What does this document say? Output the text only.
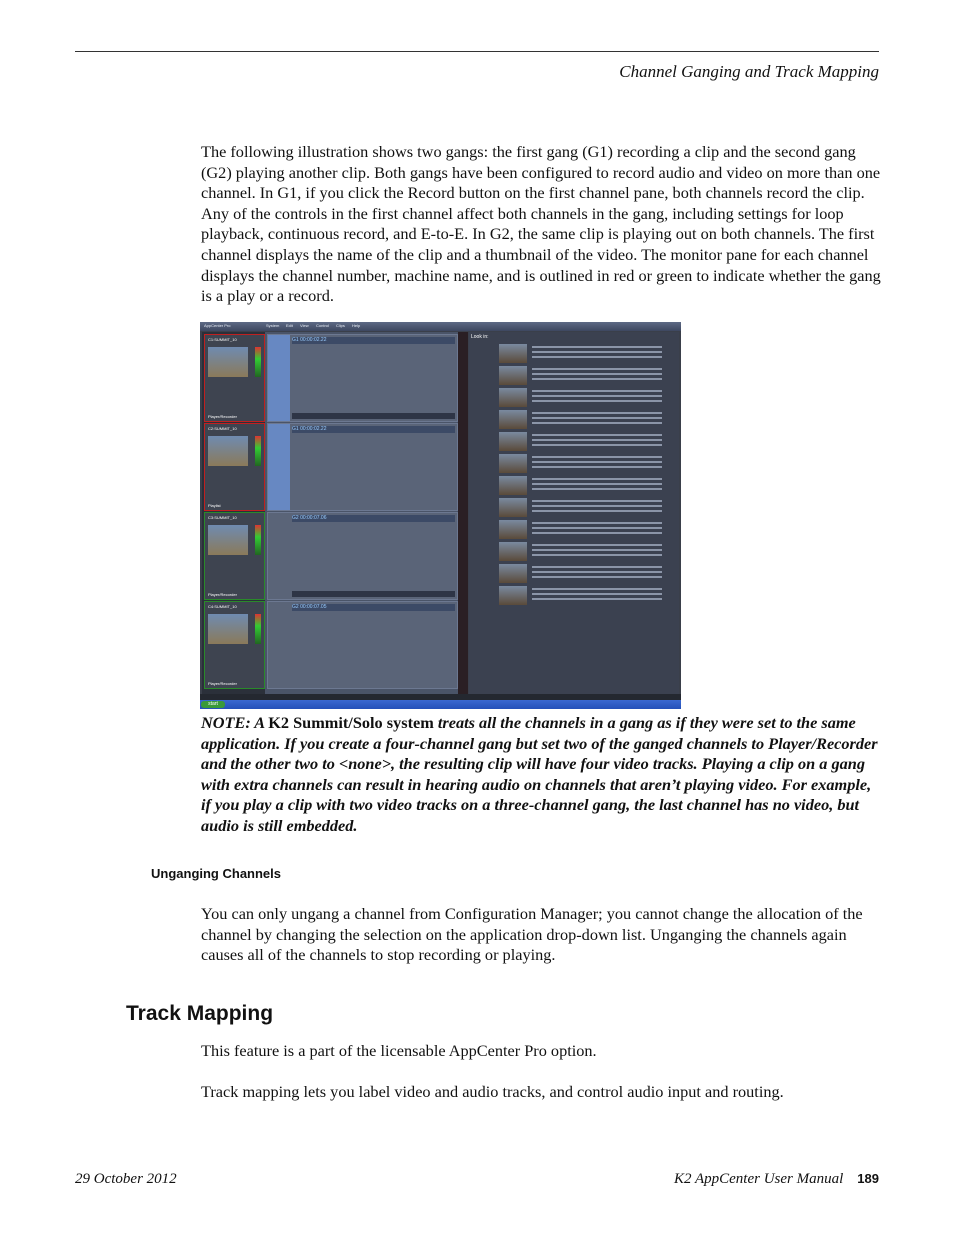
Channel Ganging and Track Mapping
The following illustration shows two gangs: the first gang (G1) recording a clip and the second gang (G2) playing another clip. Both gangs have been configured to record audio and video on more than one channel. In G1, if you click the Record button on the first channel pane, both channels record the clip. Any of the controls in the first channel affect both channels in the gang, including settings for loop playback, continuous record, and E-to-E. In G2, the same clip is playing out on both channels. The first channel displays the name of the clip and a thumbnail of the video. The monitor pane for each channel displays the channel number, machine name, and is outlined in red or green to indicate whether the gang is a play or a record.
AppCenter Pro	System Edit View Control Clips Help
C1:SUMMIT_10
Player/Recorder
C2:SUMMIT_10
Playlist
C3:SUMMIT_10
Player/Recorder
C4:SUMMIT_10
Player/Recorder
G1 00:00:02.22
G1 00:00:02.22
G2 00:00:07.06
G2 00:00:07.05
Look in:
start
NOTE: A K2 Summit/Solo system treats all the channels in a gang as if they were set to the same application. If you create a four-channel gang but set two of the ganged channels to Player/Recorder and the other two to <none>, the resulting clip will have four video tracks. Playing a clip on a gang with extra channels can result in hearing audio on channels that aren’t playing video. For example, if you play a clip with two video tracks on a three-channel gang, the last channel has no video, but audio is still embedded.
Unganging Channels
You can only ungang a channel from Configuration Manager; you cannot change the allocation of the channel by changing the selection on the application drop-down list. Unganging the channels again causes all of the channels to stop recording or playing.
Track Mapping
This feature is a part of the licensable AppCenter Pro option.
Track mapping lets you label video and audio tracks, and control audio input and routing.
29 October 2012	K2 AppCenter User Manual 189
